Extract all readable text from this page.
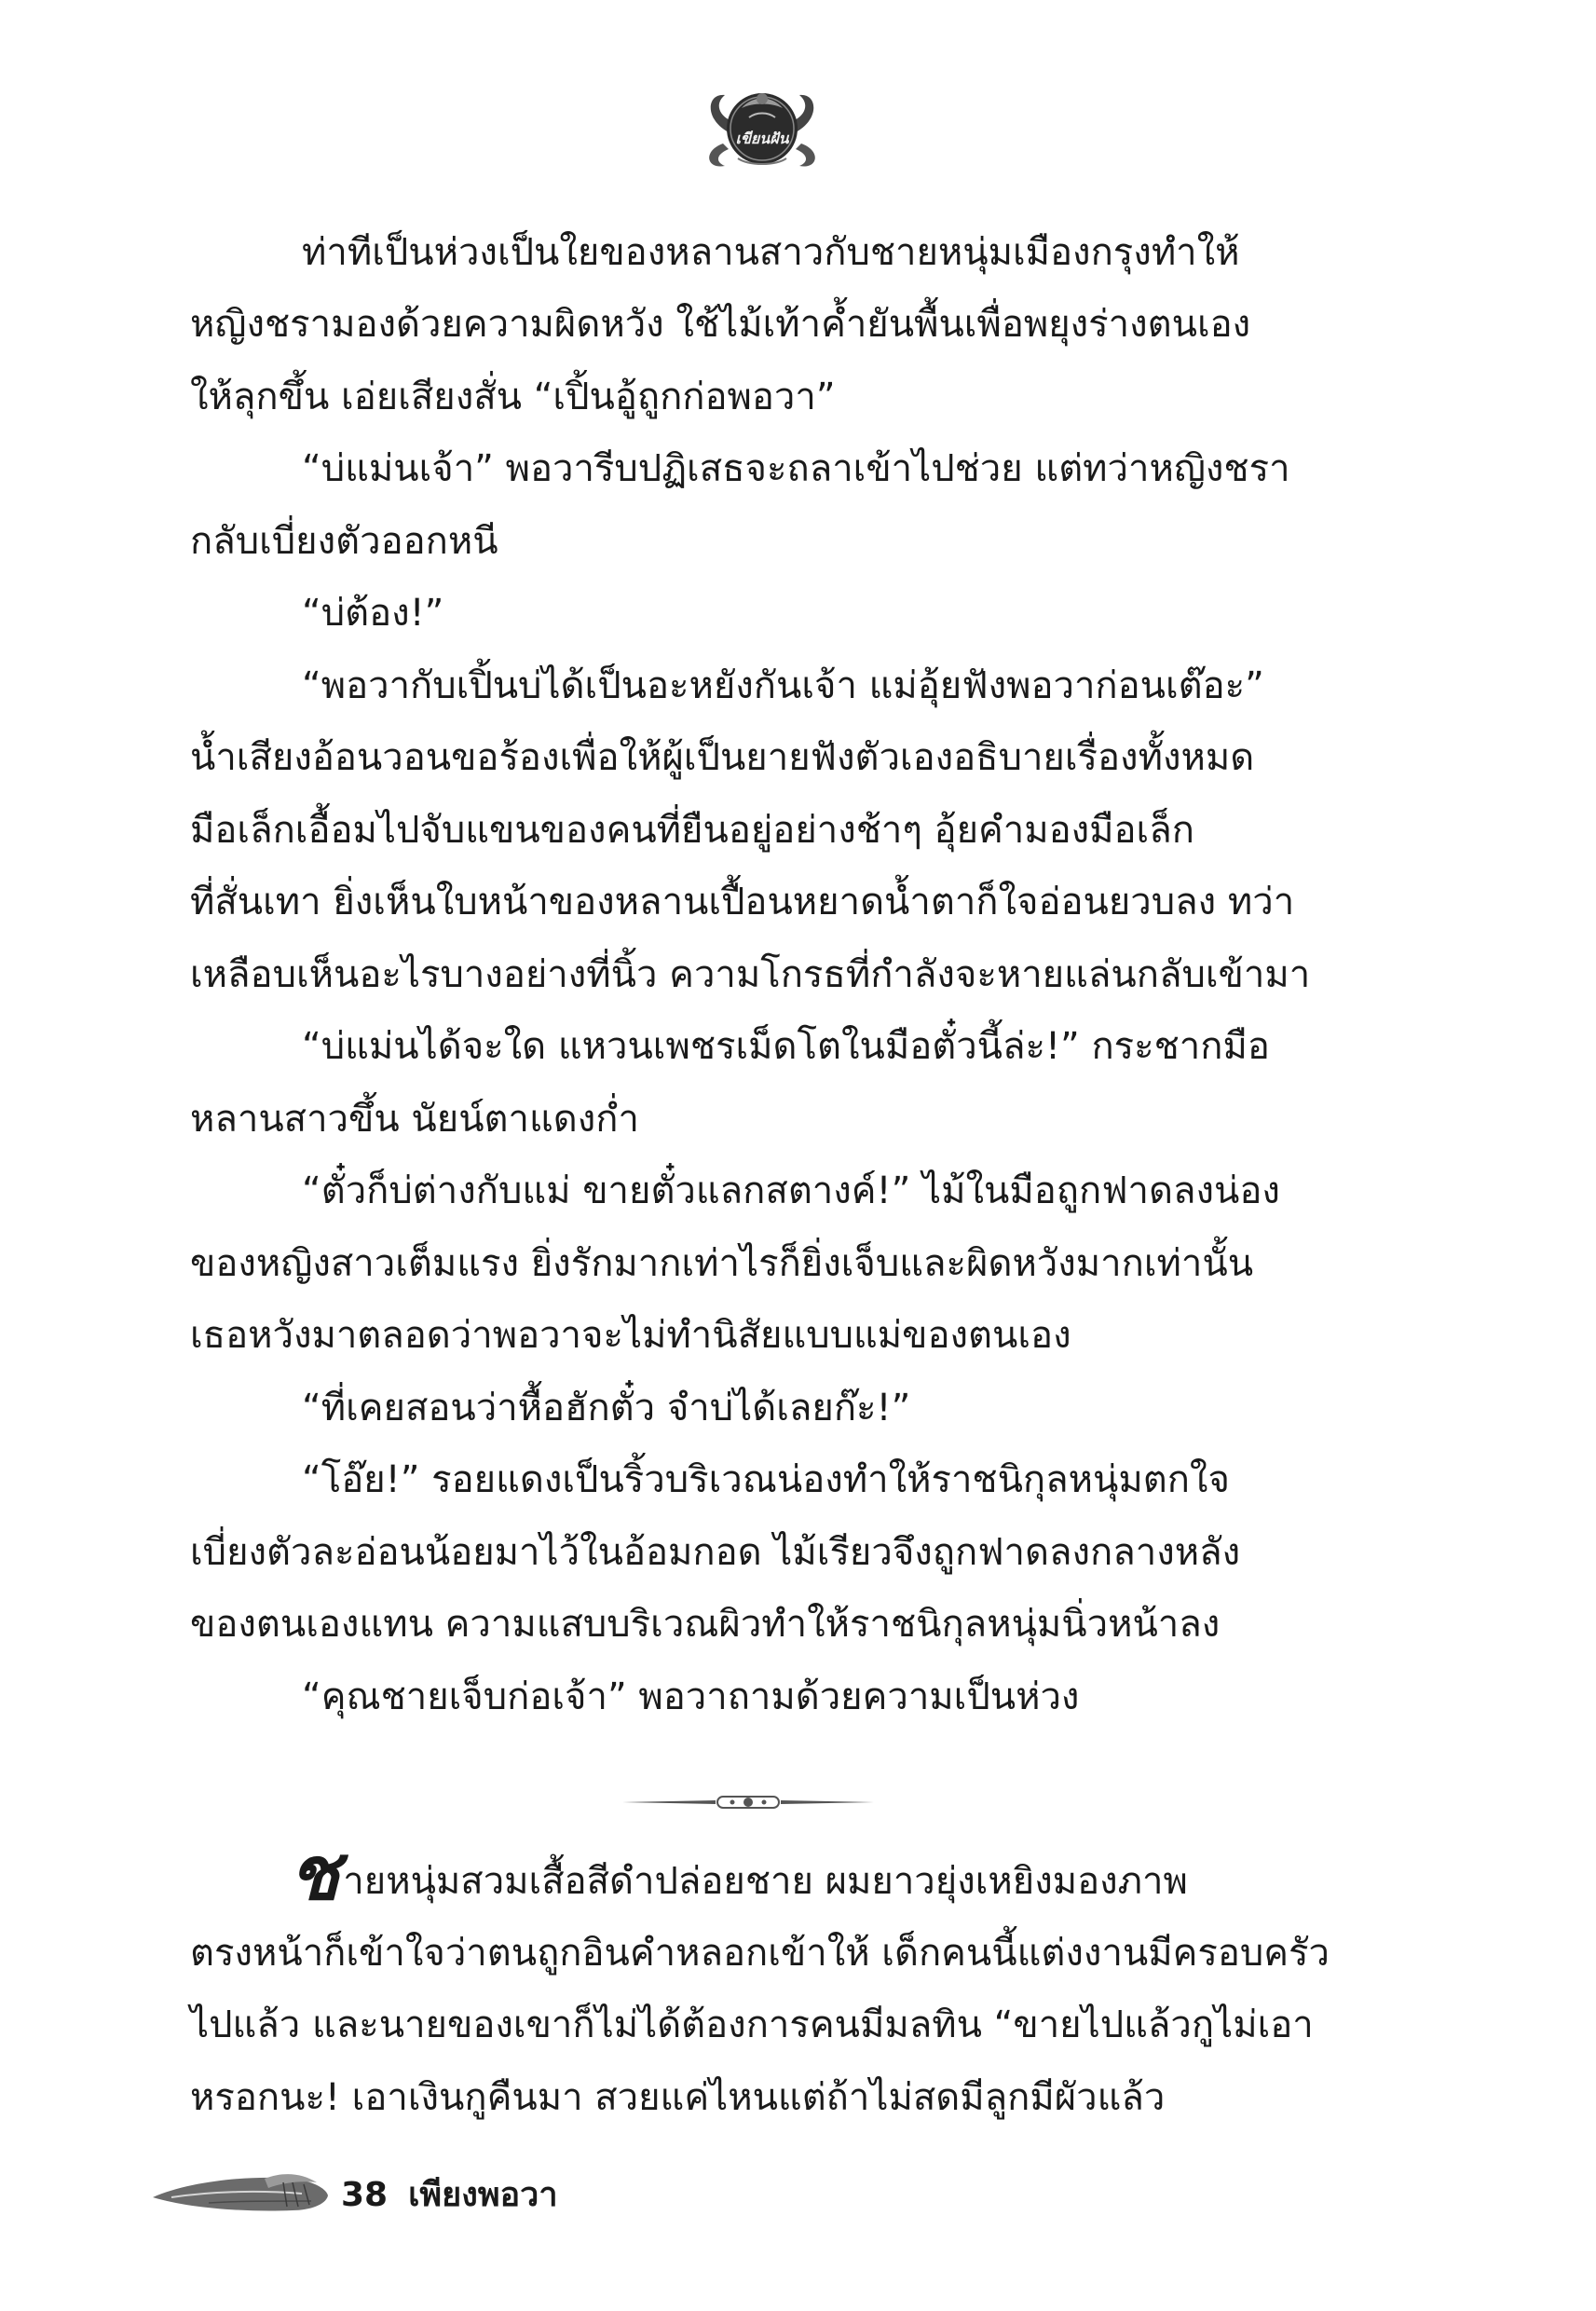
เขียนฝัน

ท่าทีเป็นห่วงเป็นใยของหลานสาวกับชายหนุ่มเมืองกรุงทำให้

หญิงชรามองด้วยความผิดหวัง ใช้ไม้เท้าค้ำยันพื้นเพื่อพยุงร่างตนเอง

ให้ลุกขึ้น เอ่ยเสียงสั่น “เปิ้นอู้ถูกก่อพอวา”

“บ่แม่นเจ้า” พอวารีบปฏิเสธจะถลาเข้าไปช่วย แต่ทว่าหญิงชรา

กลับเบี่ยงตัวออกหนี

“บ่ต้อง!”

“พอวากับเปิ้นบ่ได้เป็นอะหยังกันเจ้า แม่อุ้ยฟังพอวาก่อนเต๊อะ”

น้ำเสียงอ้อนวอนขอร้องเพื่อให้ผู้เป็นยายฟังตัวเองอธิบายเรื่องทั้งหมด

มือเล็กเอื้อมไปจับแขนของคนที่ยืนอยู่อย่างช้าๆ อุ้ยคำมองมือเล็ก

ที่สั่นเทา ยิ่งเห็นใบหน้าของหลานเปื้อนหยาดน้ำตาก็ใจอ่อนยวบลง ทว่า

เหลือบเห็นอะไรบางอย่างที่นิ้ว ความโกรธที่กำลังจะหายแล่นกลับเข้ามา

“บ่แม่นได้จะใด แหวนเพชรเม็ดโตในมือตั๋วนี้ล่ะ!” กระชากมือ

หลานสาวขึ้น นัยน์ตาแดงก่ำ

“ตั๋วก็บ่ต่างกับแม่ ขายตั๋วแลกสตางค์!” ไม้ในมือถูกฟาดลงน่อง

ของหญิงสาวเต็มแรง ยิ่งรักมากเท่าไรก็ยิ่งเจ็บและผิดหวังมากเท่านั้น

เธอหวังมาตลอดว่าพอวาจะไม่ทำนิสัยแบบแม่ของตนเอง

“ที่เคยสอนว่าหื้อฮักตั๋ว จำบ่ได้เลยก๊ะ!”

“โอ๊ย!” รอยแดงเป็นริ้วบริเวณน่องทำให้ราชนิกุลหนุ่มตกใจ

เบี่ยงตัวละอ่อนน้อยมาไว้ในอ้อมกอด ไม้เรียวจึงถูกฟาดลงกลางหลัง

ของตนเองแทน ความแสบบริเวณผิวทำให้ราชนิกุลหนุ่มนิ่วหน้าลง

“คุณชายเจ็บก่อเจ้า” พอวาถามด้วยความเป็นห่วง

ชายหนุ่มสวมเสื้อสีดำปล่อยชาย ผมยาวยุ่งเหยิงมองภาพ

ตรงหน้าก็เข้าใจว่าตนถูกอินคำหลอกเข้าให้ เด็กคนนี้แต่งงานมีครอบครัว

ไปแล้ว และนายของเขาก็ไม่ได้ต้องการคนมีมลทิน “ขายไปแล้วกูไม่เอา

หรอกนะ! เอาเงินกูคืนมา สวยแค่ไหนแต่ถ้าไม่สดมีลูกมีผัวแล้ว

38 เพียงพอวา
